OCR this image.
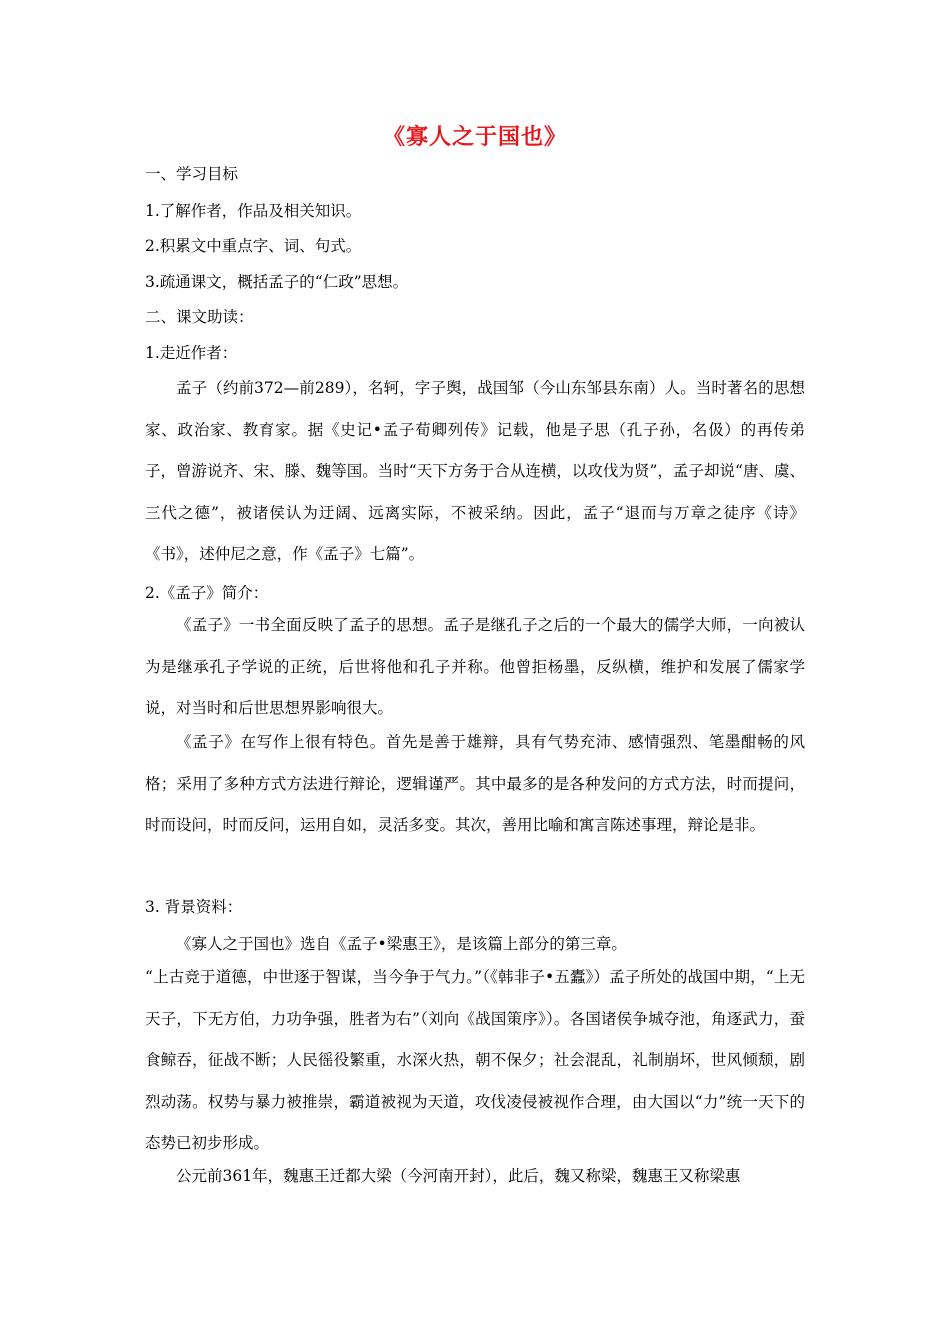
《寡人之于国也》
一、学习目标
1.了解作者，作品及相关知识。
2.积累文中重点字、词、句式。
3.疏通课文，概括孟子的“仁政”思想。
二、课文助读：
1.走近作者：
孟子（约前372—前289），名轲，字子舆，战国邹（今山东邹县东南）人。当时著名的思想家、政治家、教育家。据《史记•孟子荀卿列传》记载，他是子思（孔子孙，名伋）的再传弟子，曾游说齐、宋、滕、魏等国。当时“天下方务于合从连横，以攻伐为贤”，孟子却说“唐、虞、三代之德”，被诸侯认为迂阔、远离实际，不被采纳。因此，孟子“退而与万章之徒序《诗》《书》，述仲尼之意，作《孟子》七篇”。
2.《孟子》简介：
《孟子》一书全面反映了孟子的思想。孟子是继孔子之后的一个最大的儒学大师，一向被认为是继承孔子学说的正统，后世将他和孔子并称。他曾拒杨墨，反纵横，维护和发展了儒家学说，对当时和后世思想界影响很大。
《孟子》在写作上很有特色。首先是善于雄辩，具有气势充沛、感情强烈、笔墨酣畅的风格；采用了多种方式方法进行辩论，逻辑谨严。其中最多的是各种发问的方式方法，时而提问，时而设问，时而反问，运用自如，灵活多变。其次，善用比喻和寓言陈述事理，辩论是非。
3. 背景资料：
《寡人之于国也》选自《孟子•梁惠王》，是该篇上部分的第三章。
“上古竞于道德，中世逐于智谋，当今争于气力。”（《韩非子•五蠹》）孟子所处的战国中期，“上无天子，下无方伯，力功争强，胜者为右”（刘向《战国策序》）。各国诸侯争城夺池，角逐武力，蚕食鲸吞，征战不断；人民徭役繁重，水深火热，朝不保夕；社会混乱，礼制崩坏，世风倾颓，剧烈动荡。权势与暴力被推崇，霸道被视为天道，攻伐凌侵被视作合理，由大国以“力”统一天下的态势已初步形成。
公元前361年，魏惠王迁都大梁（今河南开封），此后，魏又称梁，魏惠王又称梁惠
